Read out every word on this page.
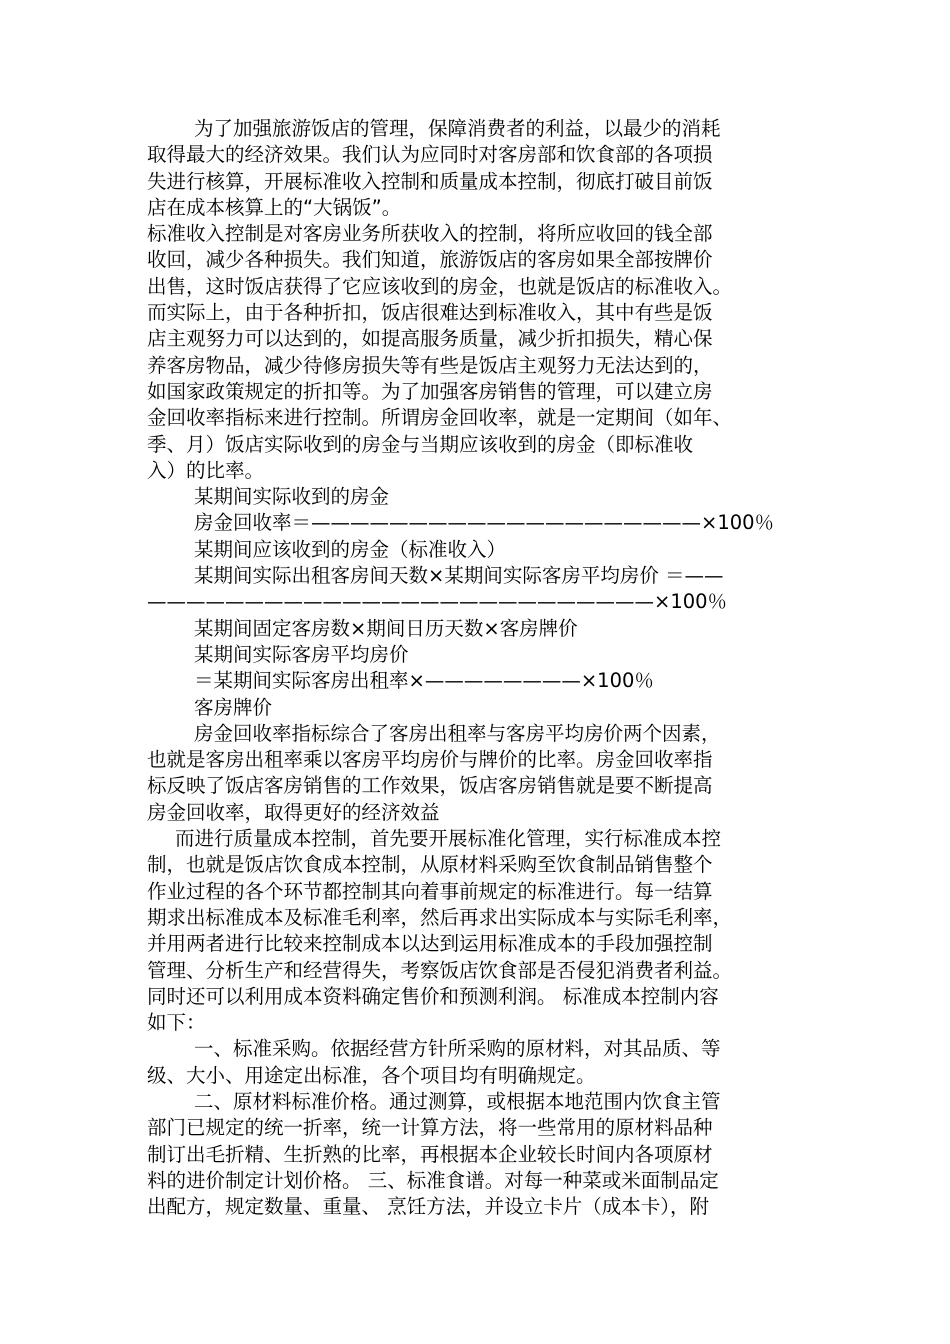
为了加强旅游饭店的管理，保障消费者的利益，以最少的消耗
取得最大的经济效果。我们认为应同时对客房部和饮食部的各项损
失进行核算，开展标准收入控制和质量成本控制，彻底打破目前饭
店在成本核算上的“大锅饭”。
标准收入控制是对客房业务所获收入的控制，将所应收回的钱全部
收回，减少各种损失。我们知道，旅游饭店的客房如果全部按牌价
出售，这时饭店获得了它应该收到的房金，也就是饭店的标准收入。
而实际上，由于各种折扣，饭店很难达到标准收入，其中有些是饭
店主观努力可以达到的，如提高服务质量，减少折扣损失，精心保
养客房物品，减少待修房损失等有些是饭店主观努力无法达到的，
如国家政策规定的折扣等。为了加强客房销售的管理，可以建立房
金回收率指标来进行控制。所谓房金回收率，就是一定期间（如年、
季、月）饭店实际收到的房金与当期应该收到的房金（即标准收
入）的比率。
某期间实际收到的房金
房金回收率＝————————————————————×100％
某期间应该收到的房金（标准收入）
某期间实际出租客房间天数×某期间实际客房平均房价 ＝——
——————————————————————————×100％
某期间固定客房数×期间日历天数×客房牌价
某期间实际客房平均房价
＝某期间实际客房出租率×————————×100％
客房牌价
房金回收率指标综合了客房出租率与客房平均房价两个因素，
也就是客房出租率乘以客房平均房价与牌价的比率。房金回收率指
标反映了饭店客房销售的工作效果，饭店客房销售就是要不断提高
房金回收率，取得更好的经济效益
而进行质量成本控制，首先要开展标准化管理，实行标准成本控
制，也就是饭店饮食成本控制，从原材料采购至饮食制品销售整个
作业过程的各个环节都控制其向着事前规定的标准进行。每一结算
期求出标准成本及标准毛利率，然后再求出实际成本与实际毛利率，
并用两者进行比较来控制成本以达到运用标准成本的手段加强控制
管理、分析生产和经营得失，考察饭店饮食部是否侵犯消费者利益。
同时还可以利用成本资料确定售价和预测利润。 标准成本控制内容
如下：
一、标准采购。依据经营方针所采购的原材料，对其品质、等
级、大小、用途定出标准，各个项目均有明确规定。
二、原材料标准价格。通过测算，或根据本地范围内饮食主管
部门已规定的统一折率，统一计算方法，将一些常用的原材料品种
制订出毛折精、生折熟的比率，再根据本企业较长时间内各项原材
料的进价制定计划价格。 三、标准食谱。对每一种菜或米面制品定
出配方，规定数量、重量、 烹饪方法，并设立卡片（成本卡），附
